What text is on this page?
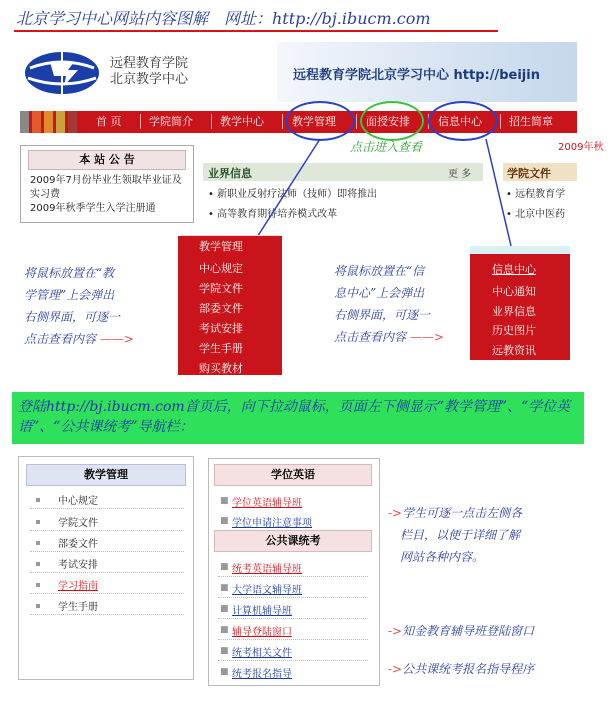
北京学习中心网站内容图解　网址：http://bj.ibucm.com
远程教育学院
北京教学中心	远程教育学院北京学习中心 http://beijin
首 页	学院简介 教学中心	教学管理	面授安排	信息中心 招生简章
2009年秋
点击进入查看
本 站 公 告
2009年7月份毕业生领取毕业证及实习费
2009年秋季学生入学注册通
业界信息	更 多
• 新职业反射疗法师（技师）即将推出
• 高等教育期待培养模式改革
学院文件
• 远程教育学
• 北京中医药
教学管理
中心规定
学院文件
部委文件
考试安排
学生手册
购买教材
信息中心
中心通知
业界信息
历史图片
远教资讯
将鼠标放置在“教
学管理”上会弹出
右侧界面，可逐一
点击查看内容 ——>
将鼠标放置在“信
息中心”上会弹出
右侧界面，可逐一
点击查看内容 ——>
登陆http://bj.ibucm.com首页后，向下拉动鼠标，页面左下侧显示“教学管理”、“学位英语”、“公共课统考”导航栏：
教学管理
中心规定
学院文件
部委文件
考试安排
学习指南
学生手册
学位英语
■ 学位英语辅导班
■ 学位申请注意事项
公共课统考
■ 统考英语辅导班
■ 大学语文辅导班
■ 计算机辅导班
■ 辅导登陆窗口
■ 统考相关文件
■ 统考报名指导
->学生可逐一点击左侧各
栏目，以便于详细了解
网站各种内容。
->知金教育辅导班登陆窗口
->公共课统考报名指导程序
